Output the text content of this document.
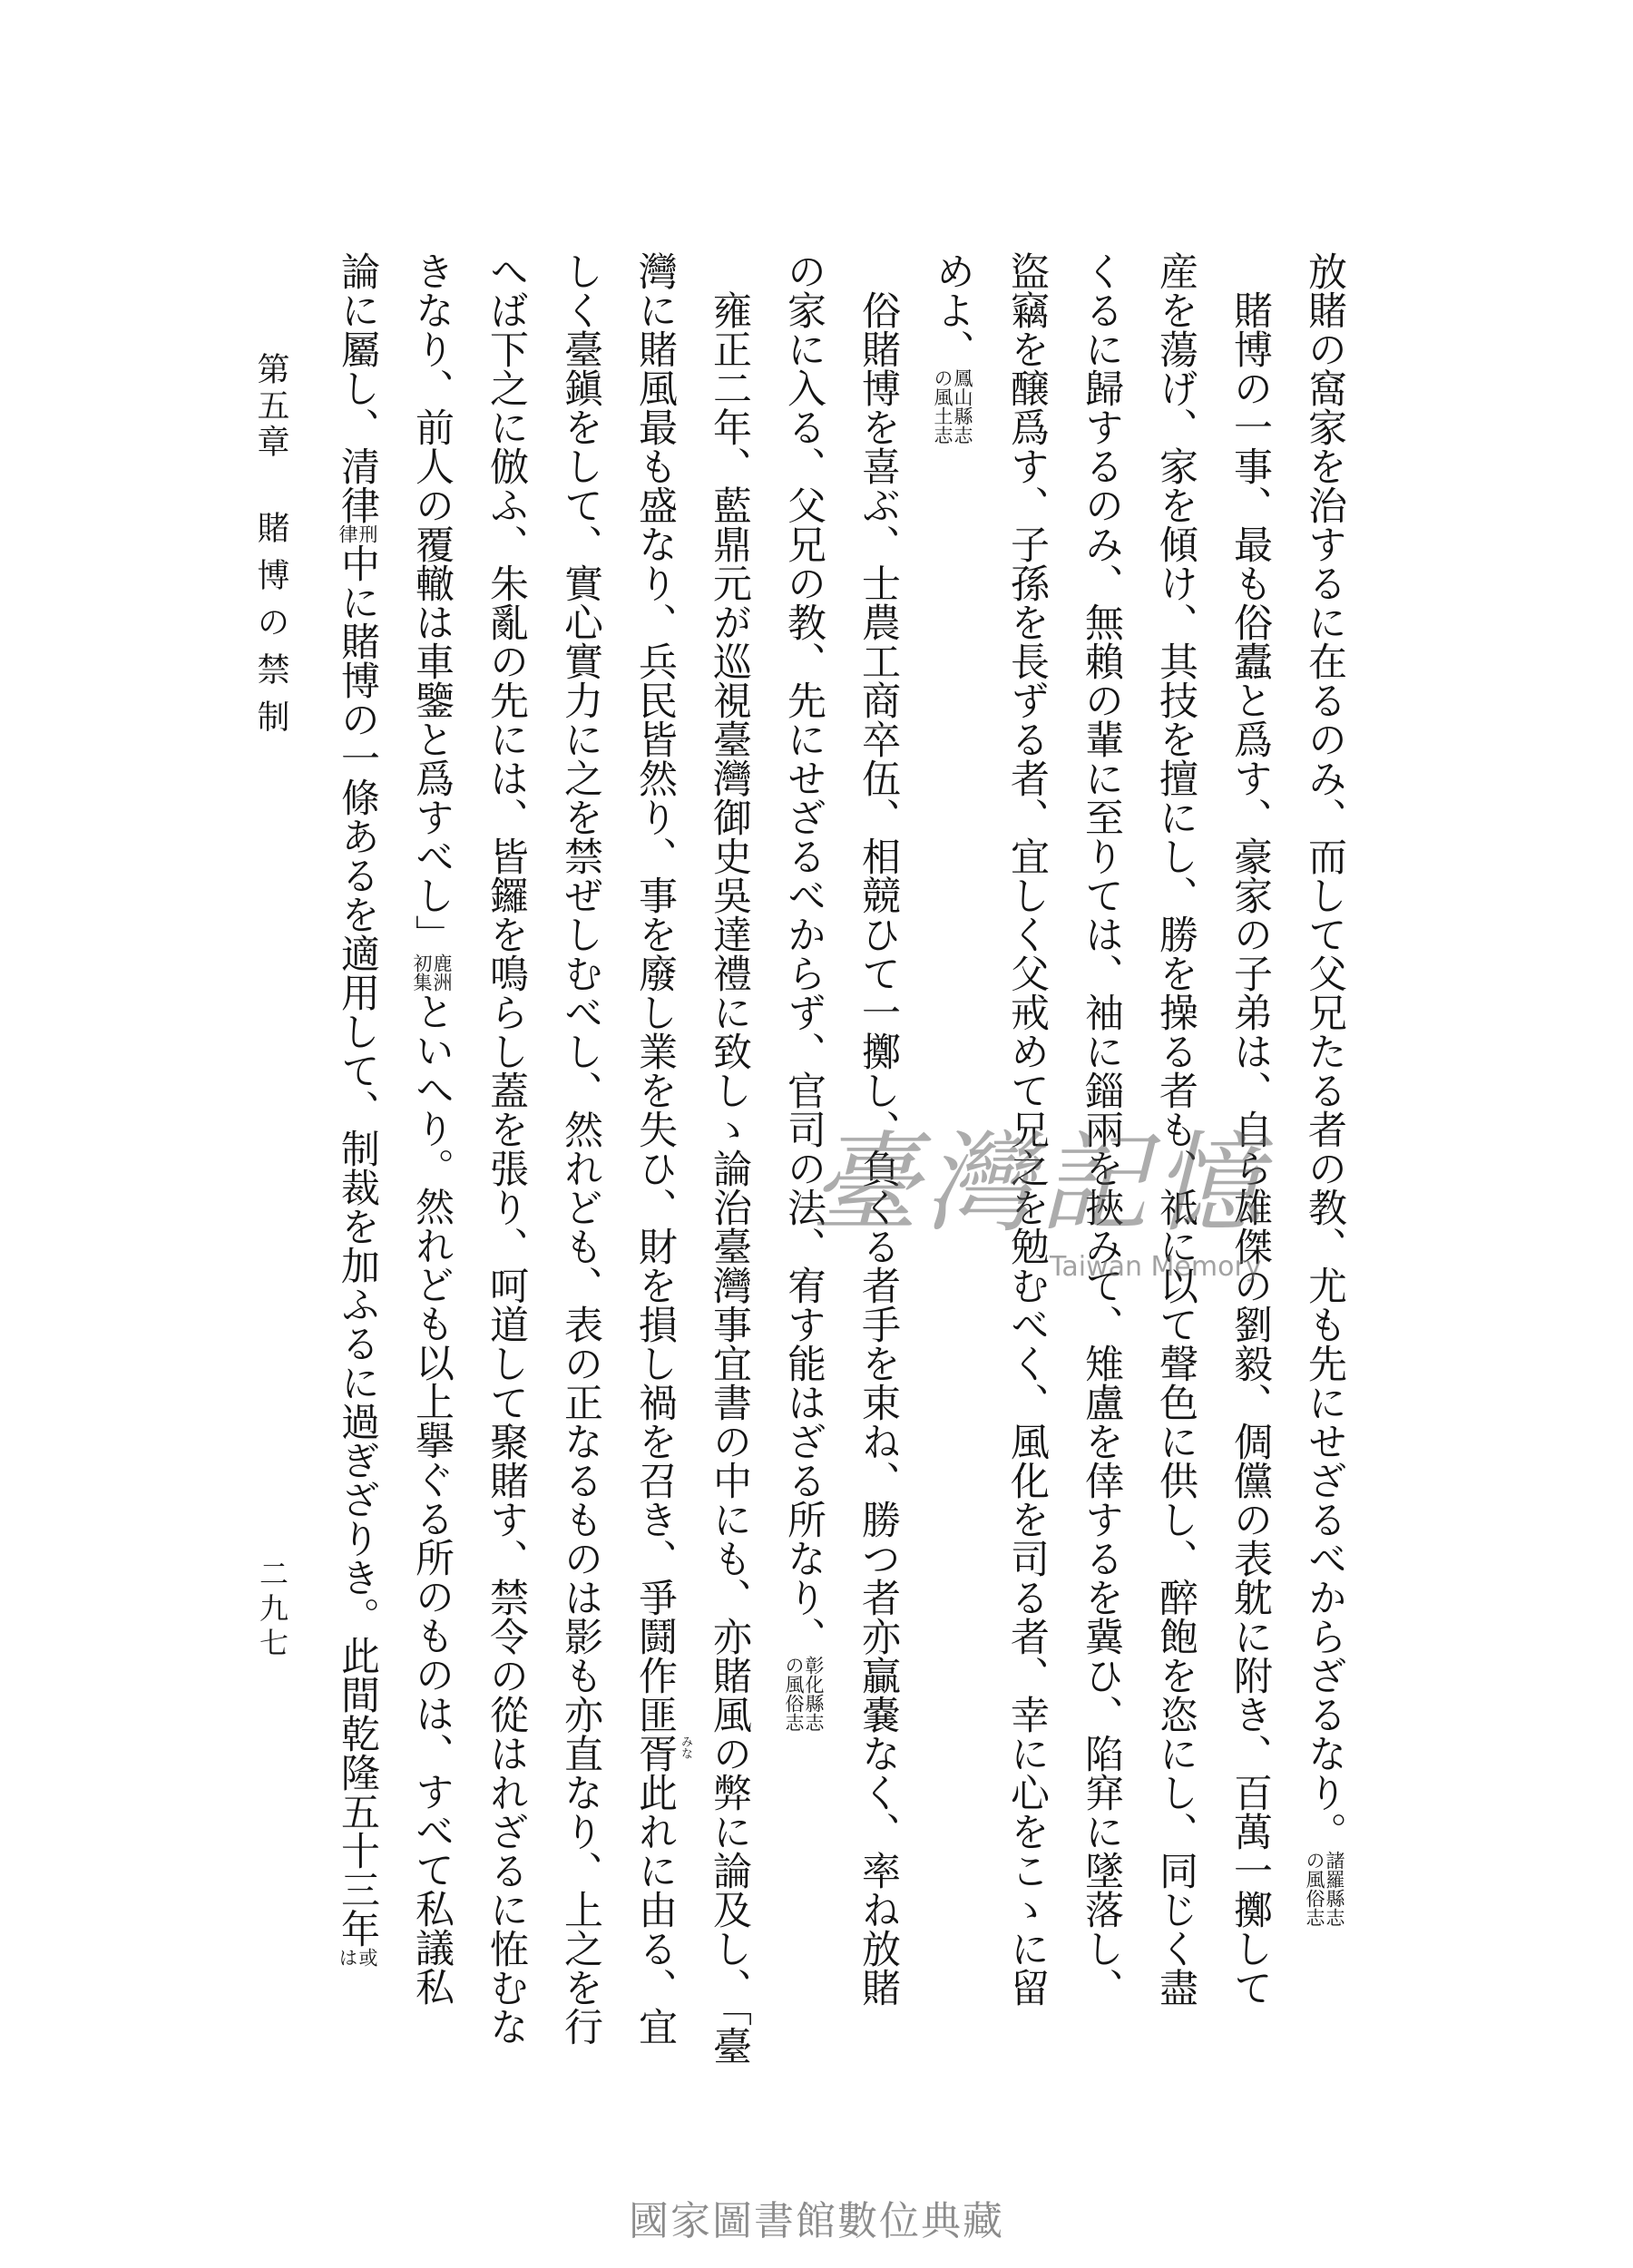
第五章賭博の禁制
二九七	放賭の窩家を治するに在るのみ、而して父兄たる者の教、尤も先にせざるべからざるなり。
諸羅縣志
の風俗志
賭博の一事、最も俗蠹と爲す、豪家の子弟は、自ら雄傑の劉毅、倜儻の表躭に附き、百萬一擲して
産を蕩げ、家を傾け、其技を擅にし、勝を操る者も、祗に以て聲色に供し、醉飽を恣にし、同じく盡
くるに歸するのみ、無賴の輩に至りては、袖に錙兩を挾みて、雉盧を倖するを冀ひ、陷穽に墜落し、
盜竊を醸爲す、子孫を長ずる者、宜しく父戒めて兄之を勉むべく、風化を司る者、幸に心をこゝに留
めよ、
鳳山縣志
の風土志
俗賭博を喜ぶ、士農工商卒伍、相競ひて一擲し、負くる者手を束ね、勝つ者亦贏嚢なく、率ね放賭
の家に入る、父兄の教、先にせざるべからず、官司の法、宥す能はざる所なり、
彰化縣志
の風俗志
雍正二年、藍鼎元が巡視臺灣御史吳達禮に致しゝ論治臺灣事宜書の中にも、亦賭風の弊に論及し、「臺
灣に賭風最も盛なり、兵民皆然り、事を廢し業を失ひ、財を損し禍を召き、爭鬪作匪胥 みな
此れに由る、宜
しく臺鎭をして、實心實力に之を禁ぜしむべし、然れども、表の正なるものは影も亦直なり、上之を行
へば下之に倣ふ、朱亂の先には、皆鑼を鳴らし蓋を張り、呵道して聚賭す、禁令の從はれざるに恠むな
きなり、前人の覆轍は車鑒と爲すべし」
鹿洲
初集
といへり。然れども以上擧ぐる所のものは、すべて私議私
論に屬し、清律
刑
律
中に賭博の一條あるを適用して、制裁を加ふるに過ぎざりき。此間乾隆五十三年
或
は
臺灣記憶
Taiwan Memory
國家圖書館數位典藏
